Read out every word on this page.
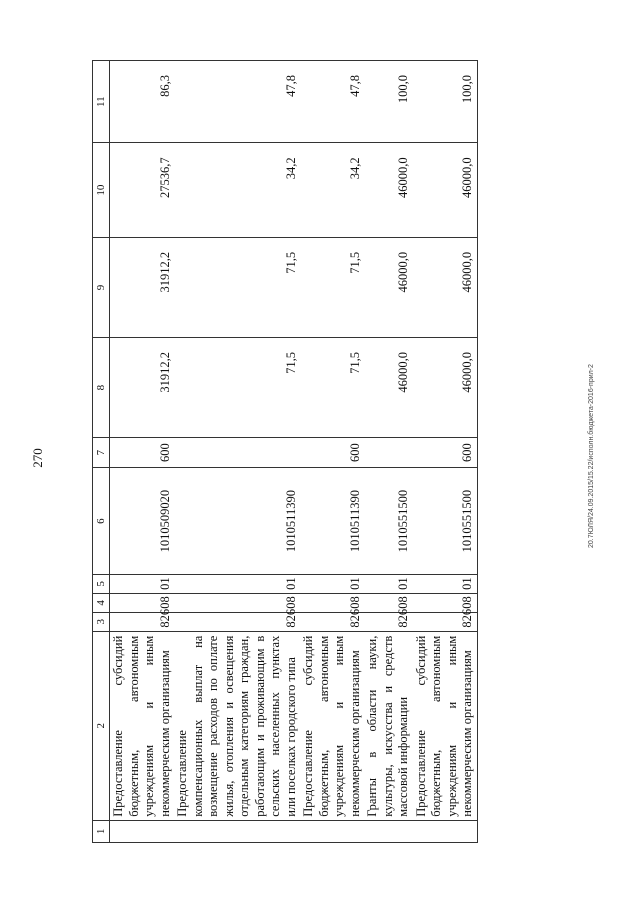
270
1	2	3	4	5	6	7	8	9	10	11
	Предоставление субсидий бюджетным, автономным учреждениям и иным некоммерческим организациям	826	08	01	1010509020	600	31912,2	31912,2	27536,7	86,3
	Предоставление компенсационных выплат на возмещение расходов по оплате жилья, отопления и освещения отдельным категориям граждан, работающим и проживающим в сельских населенных пунктах или поселках городского типа	826	08	01	1010511390		71,5	71,5	34,2	47,8
	Предоставление субсидий бюджетным, автономным учреждениям и иным некоммерческим организациям	826	08	01	1010511390	600	71,5	71,5	34,2	47,8
	Гранты в области науки, культуры, искусства и средств массовой информации	826	08	01	1010551500		46000,0	46000,0	46000,0	100,0
	Предоставление субсидий бюджетным, автономным учреждениям и иным некоммерческим организациям	826	08	01	1010551500	600	46000,0	46000,0	46000,0	100,0
20.7ЮЛЯ/24.09.2015/15.22/исполн.бюджета-2016-прил-2
